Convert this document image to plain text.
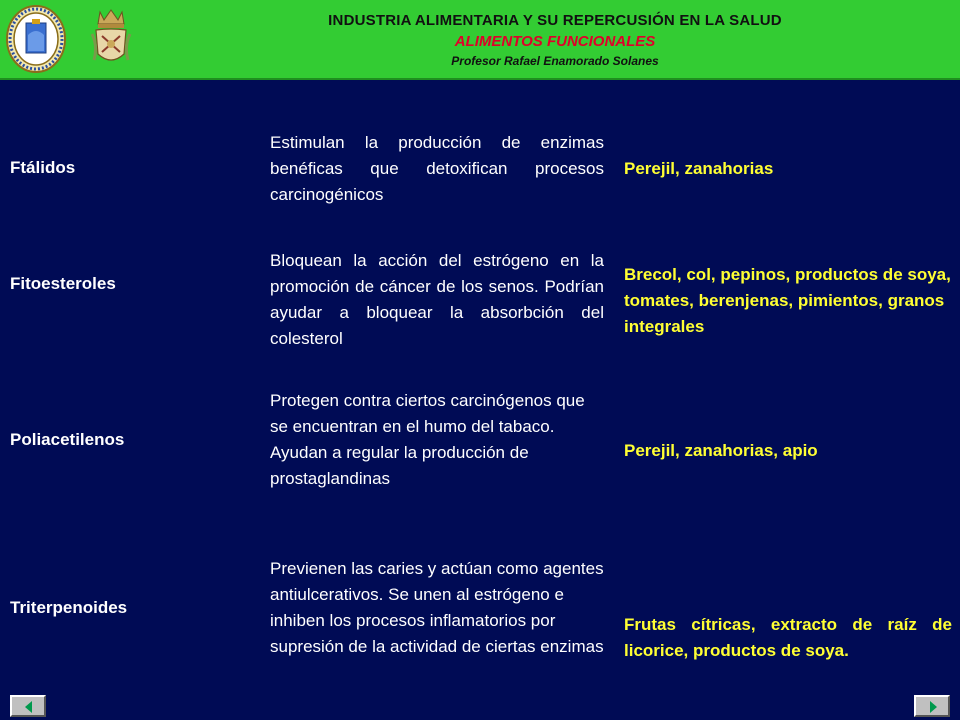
INDUSTRIA ALIMENTARIA Y SU REPERCUSIÓN EN LA SALUD
ALIMENTOS FUNCIONALES
Profesor Rafael Enamorado Solanes
Ftálidos
Estimulan la producción de enzimas benéficas que detoxifican procesos carcinogénicos
Perejil, zanahorias
Fitoesteroles
Bloquean la acción del estrógeno en la promoción de cáncer de los senos. Podrían ayudar a bloquear la absorbción del colesterol
Brecol, col, pepinos, productos de soya, tomates, berenjenas, pimientos, granos integrales
Poliacetilenos
Protegen contra ciertos carcinógenos que se encuentran en el humo del tabaco. Ayudan a regular la producción de prostaglandinas
Perejil, zanahorias, apio
Triterpenoides
Previenen las caries y actúan como agentes antiulcerativos. Se unen al estrógeno e inhiben los procesos inflamatorios por supresión de la actividad de ciertas enzimas
Frutas cítricas, extracto de raíz de licorice, productos de soya.
